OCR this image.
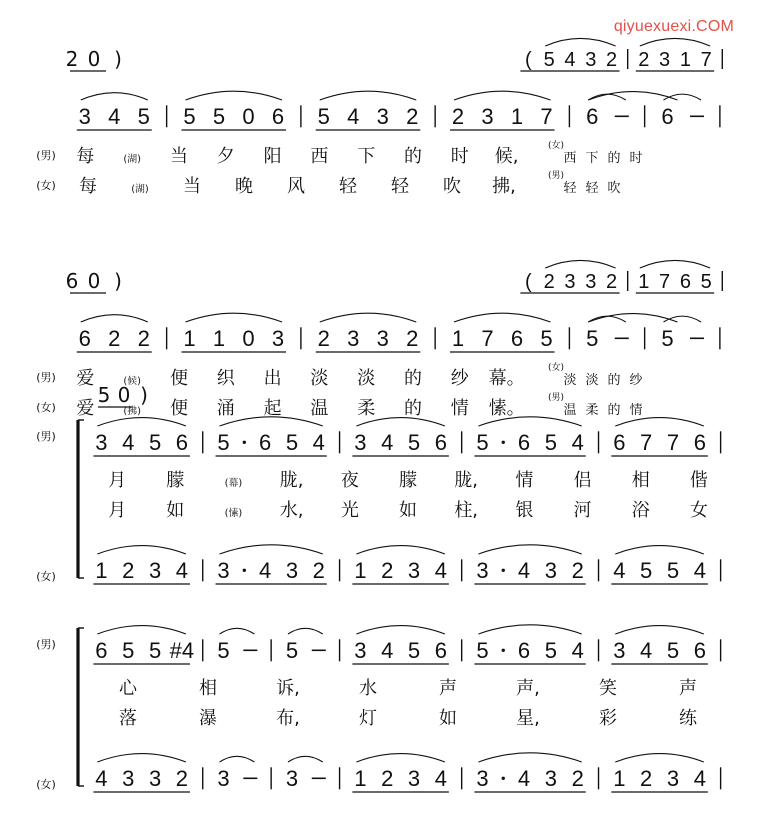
qiyuexuexi.COM
2 0 )	( 5 4 3 2 2 3 1 7
3 4 5 5 5 0 6 5 4 3 2 2 3 1 7 6	6
(男) 每	(湖) 当 夕 阳 西 下 的 时 候,	(女)
西 下 的 时
(女) 每	(湖) 当 晚 风 轻 轻 吹 拂,	(男)
轻 轻 吹
6 0 )	( 2 3 3 2 1 7 6 5
6 2 2 1 1 0 3 2 3 3 2 1 7 6 5 5	5
(男) 爱	(候) 便 织 出 淡 淡 的 纱 幕。	(女)
淡 淡 的 纱
(女) 爱	(拂) 便 涌 起 温 柔 的 情 愫。	(男)
温 柔 的 情
(男)
(女)
5 0 )
3 4 5 6 5 6 5 4 3 4 5 6 5 6 5 4 6 7 7 6
月 朦	(幕) 胧, 夜 朦 胧, 情 侣 相 偕
月 如	(愫) 水, 光 如 柱, 银 河 浴 女
1 2 3 4 3 4 3 2 1 2 3 4 3 4 3 2 4 5 5 4
(男)
(女)
6 5 5 #4 5	5	3 4 5 6 5 6 5 4 3 4 5 6
心	相	诉,	水	声	声,	笑	声
落	瀑	布,	灯	如	星,	彩	练
4 3 3 2 3	3	1 2 3 4 3 4 3 2 1 2 3 4
